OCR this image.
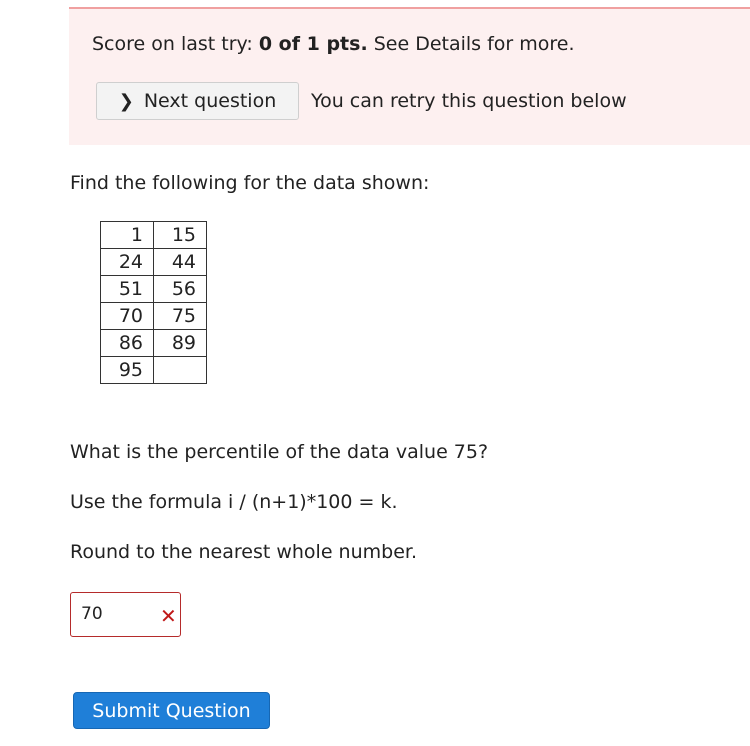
Score on last try: 0 of 1 pts. See Details for more.
❯ Next question You can retry this question below
Find the following for the data shown:
1	15
24	44
51	56
70	75
86	89
95	
What is the percentile of the data value 75?
Use the formula i / (n+1)*100 = k.
Round to the nearest whole number.
70
✕
Submit Question
